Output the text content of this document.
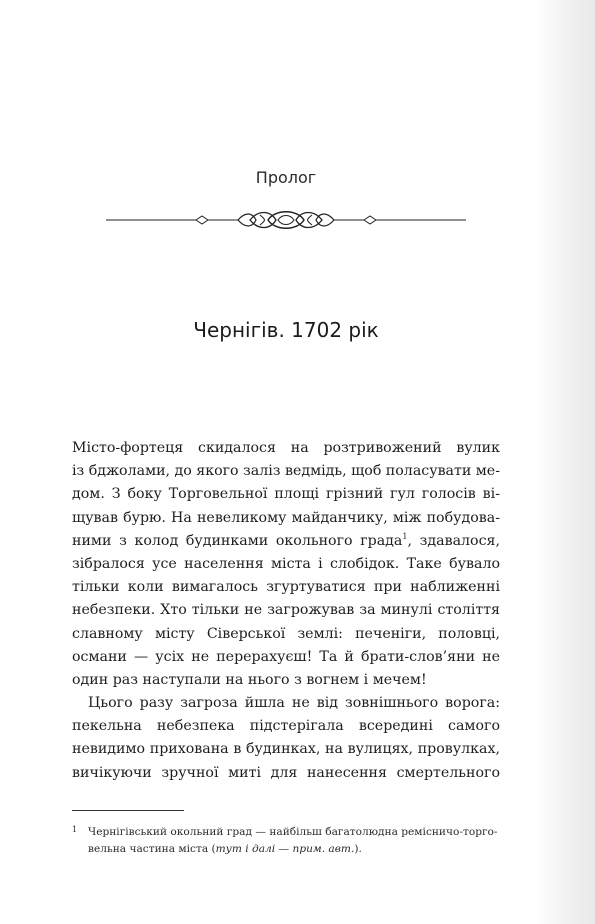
Пролог
Чернігів. 1702 рік
Місто-фортеця скидалося на розтривожений вулик
із бджолами, до якого заліз ведмідь, щоб поласувати ме-
дом. З боку Торговельної площі грізний гул голосів ві-
щував бурю. На невеликому майданчику, між побудова-
ними з колод будинками окольного града$^1$, здавалося,
зібралося усе населення міста і слобідок. Таке бувало
тільки коли вимагалось згуртуватися при наближенні
небезпеки. Хто тільки не загрожував за минулі століття
славному місту Сіверської землі: печеніги, половці,
османи — усіх не перерахуєш! Та й брати-слов’яни не
один раз наступали на нього з вогнем і мечем!
Цього разу загроза йшла не від зовнішнього ворога:
пекельна небезпека підстерігала всередині самого
невидимо прихована в будинках, на вулицях, провулках,
вичікуючи зручної миті для нанесення смертельного
1 Чернігівський окольний град — найбільш багатолюдна ремісничо-торго-
вельна частина міста (тут і далі — прим. авт.).
